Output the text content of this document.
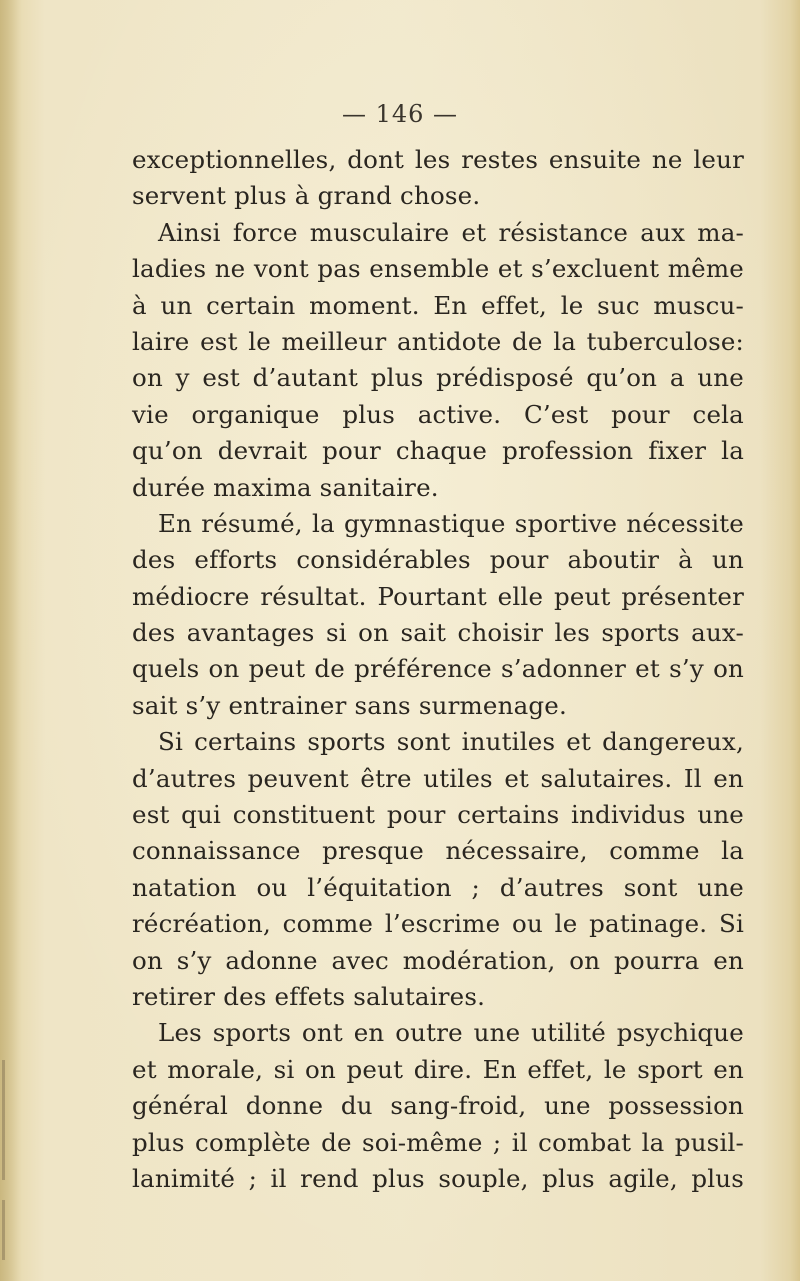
— 146 —
exceptionnelles, dont les restes ensuite ne leur
servent plus à grand chose.
Ainsi force musculaire et résistance aux ma-
ladies ne vont pas ensemble et s’excluent même
à un certain moment. En effet, le suc muscu-
laire est le meilleur antidote de la tuberculose:
on y est d’autant plus prédisposé qu’on a une
vie organique plus active. C’est pour cela
qu’on devrait pour chaque profession fixer la
durée maxima sanitaire.
En résumé, la gymnastique sportive nécessite
des efforts considérables pour aboutir à un
médiocre résultat. Pourtant elle peut présenter
des avantages si on sait choisir les sports aux-
quels on peut de préférence s’adonner et s’y on
sait s’y entrainer sans surmenage.
Si certains sports sont inutiles et dangereux,
d’autres peuvent être utiles et salutaires. Il en
est qui constituent pour certains individus une
connaissance presque nécessaire, comme la
natation ou l’équitation ; d’autres sont une
récréation, comme l’escrime ou le patinage. Si
on s’y adonne avec modération, on pourra en
retirer des effets salutaires.
Les sports ont en outre une utilité psychique
et morale, si on peut dire. En effet, le sport en
général donne du sang-froid, une possession
plus complète de soi-même ; il combat la pusil-
lanimité ; il rend plus souple, plus agile, plus
